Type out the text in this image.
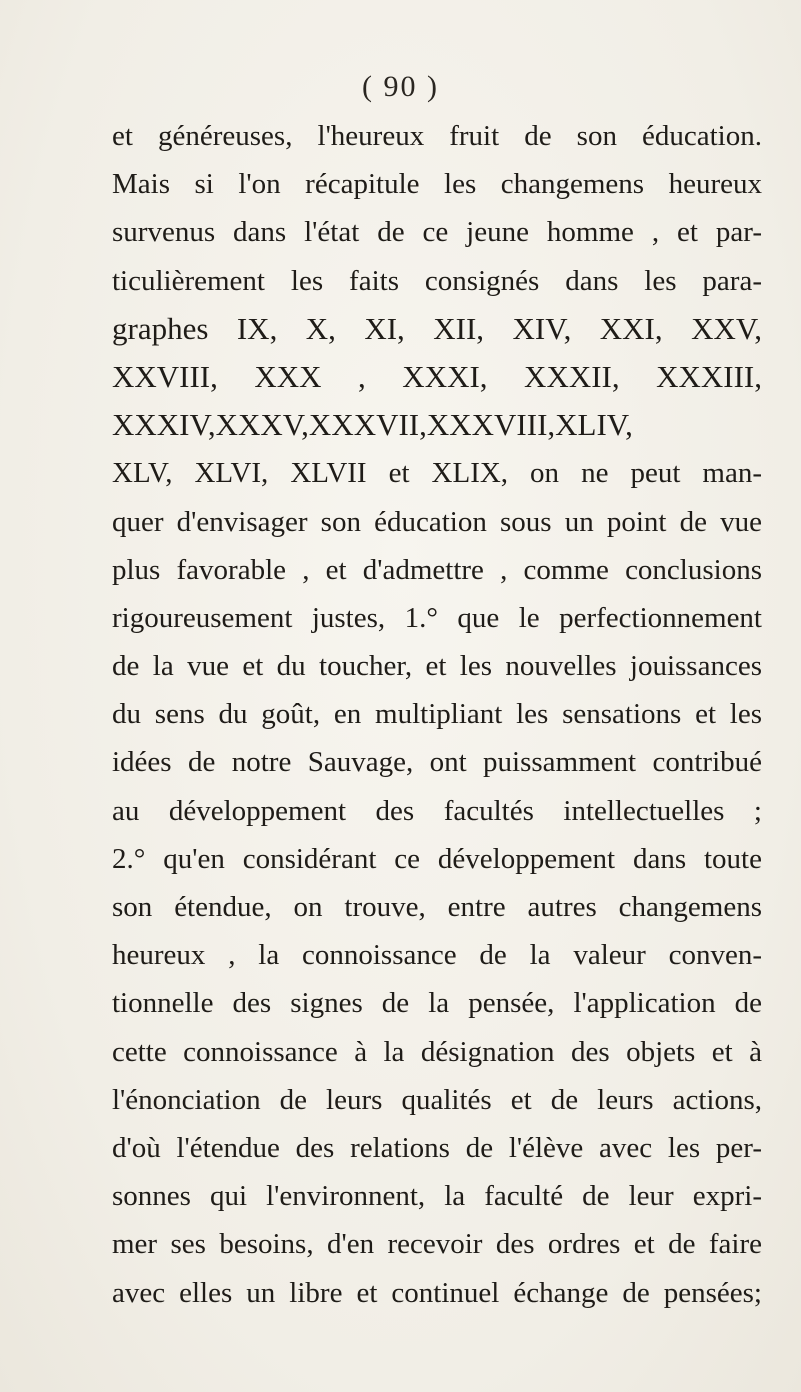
( 90 )
et généreuses, l'heureux fruit de son éducation.
Mais si l'on récapitule les changemens heureux
survenus dans l'état de ce jeune homme , et par-
ticulièrement les faits consignés dans les para-
graphes IX, X, XI, XII, XIV, XXI, XXV,
XXVIII, XXX , XXXI, XXXII, XXXIII,
XXXIV,XXXV,XXXVII,XXXVIII,XLIV,
XLV, XLVI, XLVII et XLIX, on ne peut man-
quer d'envisager son éducation sous un point de vue
plus favorable , et d'admettre , comme conclusions
rigoureusement justes, 1.° que le perfectionnement
de la vue et du toucher, et les nouvelles jouissances
du sens du goût, en multipliant les sensations et les
idées de notre Sauvage, ont puissamment contribué
au développement des facultés intellectuelles ;
2.° qu'en considérant ce développement dans toute
son étendue, on trouve, entre autres changemens
heureux , la connoissance de la valeur conven-
tionnelle des signes de la pensée, l'application de
cette connoissance à la désignation des objets et à
l'énonciation de leurs qualités et de leurs actions,
d'où l'étendue des relations de l'élève avec les per-
sonnes qui l'environnent, la faculté de leur expri-
mer ses besoins, d'en recevoir des ordres et de faire
avec elles un libre et continuel échange de pensées;
